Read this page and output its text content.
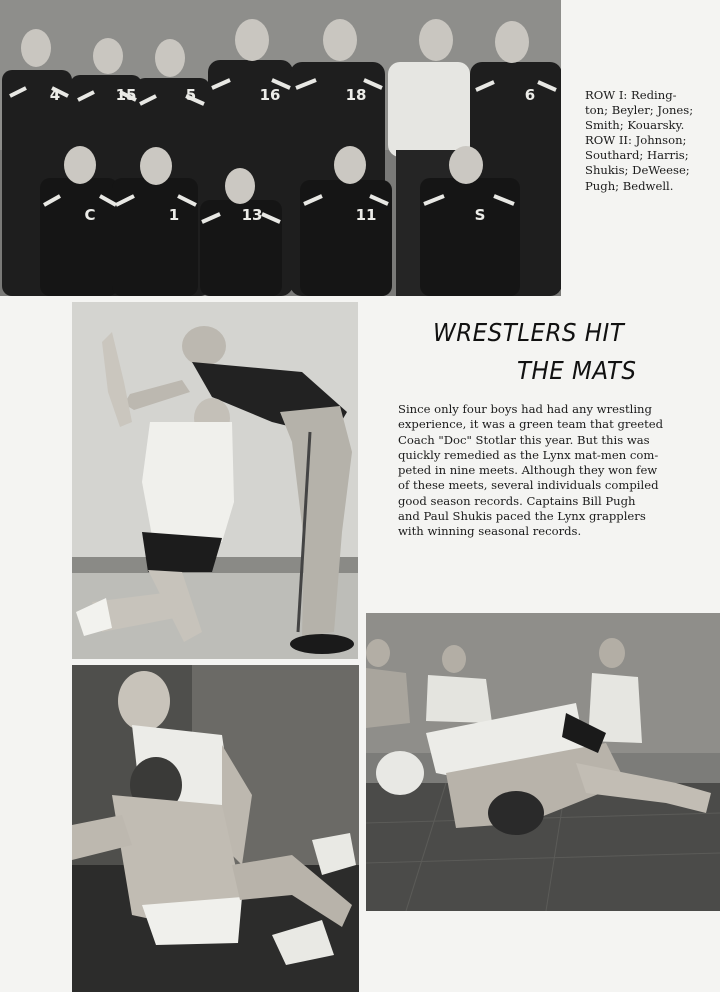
4	15	5	16	18	6
C	1	13	11	S
ROW I: Reding-
ton; Beyler; Jones;
Smith; Kouarsky.
ROW II: Johnson;
Southard; Harris;
Shukis; DeWeese;
Pugh; Bedwell.
WRESTLERS HIT
THE MATS
Since only four boys had had any wrestling
experience, it was a green team that greeted
Coach "Doc" Stotlar this year. But this was
quickly remedied as the Lynx mat-men com-
peted in nine meets. Although they won few
of these meets, several individuals compiled
good season records. Captains Bill Pugh
and Paul Shukis paced the Lynx grapplers
with winning seasonal records.
